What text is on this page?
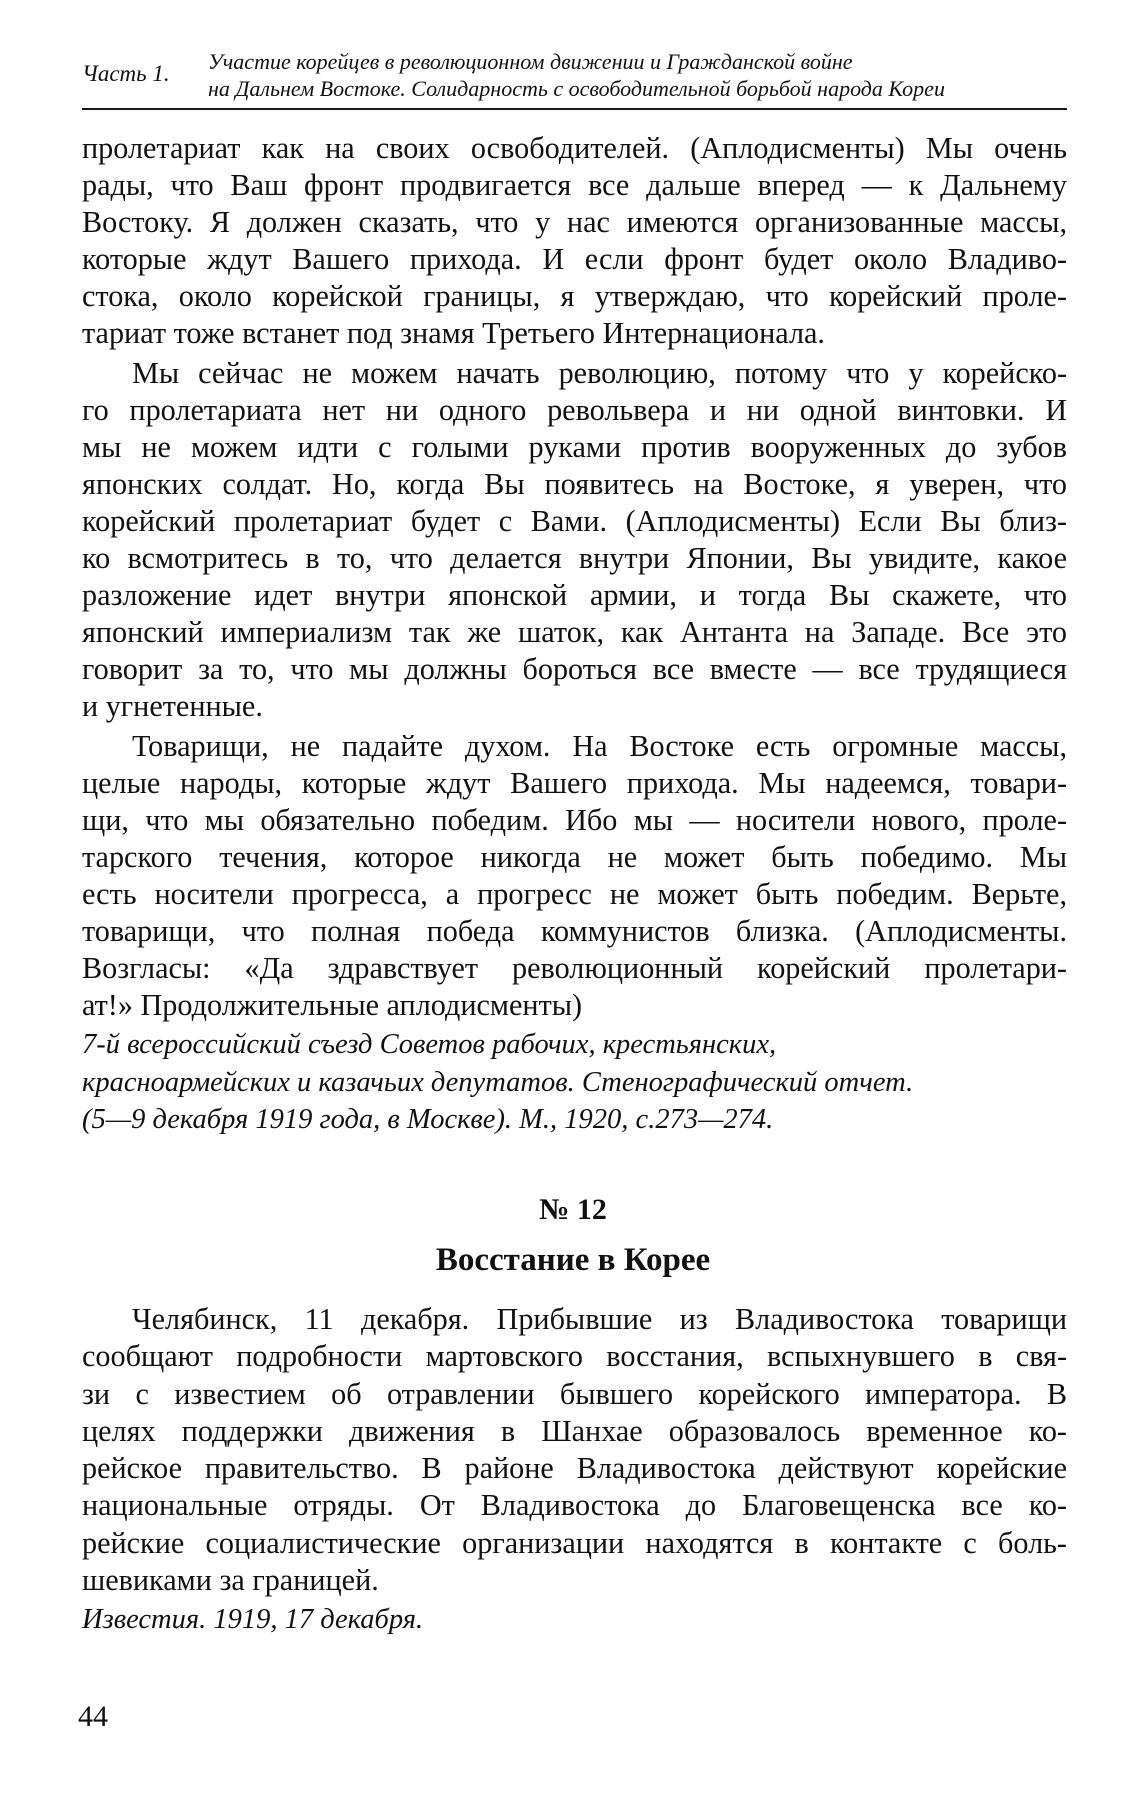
Часть 1. Участие корейцев в революционном движении и Гражданской войне
на Дальнем Востоке. Солидарность с освободительной борьбой народа Кореи

пролетариат как на своих освободителей. (Аплодисменты) Мы очень
рады, что Ваш фронт продвигается все дальше вперед — к Дальнему
Востоку. Я должен сказать, что у нас имеются организованные массы,
которые ждут Вашего прихода. И если фронт будет около Владиво-
стока, около корейской границы, я утверждаю, что корейский проле-
тариат тоже встанет под знамя Третьего Интернационала.

Мы сейчас не можем начать революцию, потому что у корейско-
го пролетариата нет ни одного револьвера и ни одной винтовки. И
мы не можем идти с голыми руками против вооруженных до зубов
японских солдат. Но, когда Вы появитесь на Востоке, я уверен, что
корейский пролетариат будет с Вами. (Аплодисменты) Если Вы близ-
ко всмотритесь в то, что делается внутри Японии, Вы увидите, какое
разложение идет внутри японской армии, и тогда Вы скажете, что
японский империализм так же шаток, как Антанта на Западе. Все это
говорит за то, что мы должны бороться все вместе — все трудящиеся
и угнетенные.

Товарищи, не падайте духом. На Востоке есть огромные массы,
целые народы, которые ждут Вашего прихода. Мы надеемся, товари-
щи, что мы обязательно победим. Ибо мы — носители нового, проле-
тарского течения, которое никогда не может быть победимо. Мы
есть носители прогресса, а прогресс не может быть победим. Верьте,
товарищи, что полная победа коммунистов близка. (Аплодисменты.
Возгласы: «Да здравствует революционный корейский пролетари-
ат!» Продолжительные аплодисменты)

7-й всероссийский съезд Советов рабочих, крестьянских,
красноармейских и казачьих депутатов. Стенографический отчет.
(5—9 декабря 1919 года, в Москве). М., 1920, с.273—274.
№ 12
Восстание в Корее

Челябинск, 11 декабря. Прибывшие из Владивостока товарищи
сообщают подробности мартовского восстания, вспыхнувшего в свя-
зи с известием об отравлении бывшего корейского императора. В
целях поддержки движения в Шанхае образовалось временное ко-
рейское правительство. В районе Владивостока действуют корейские
национальные отряды. От Владивостока до Благовещенска все ко-
рейские социалистические организации находятся в контакте с боль-
шевиками за границей.

Известия. 1919, 17 декабря.
44
